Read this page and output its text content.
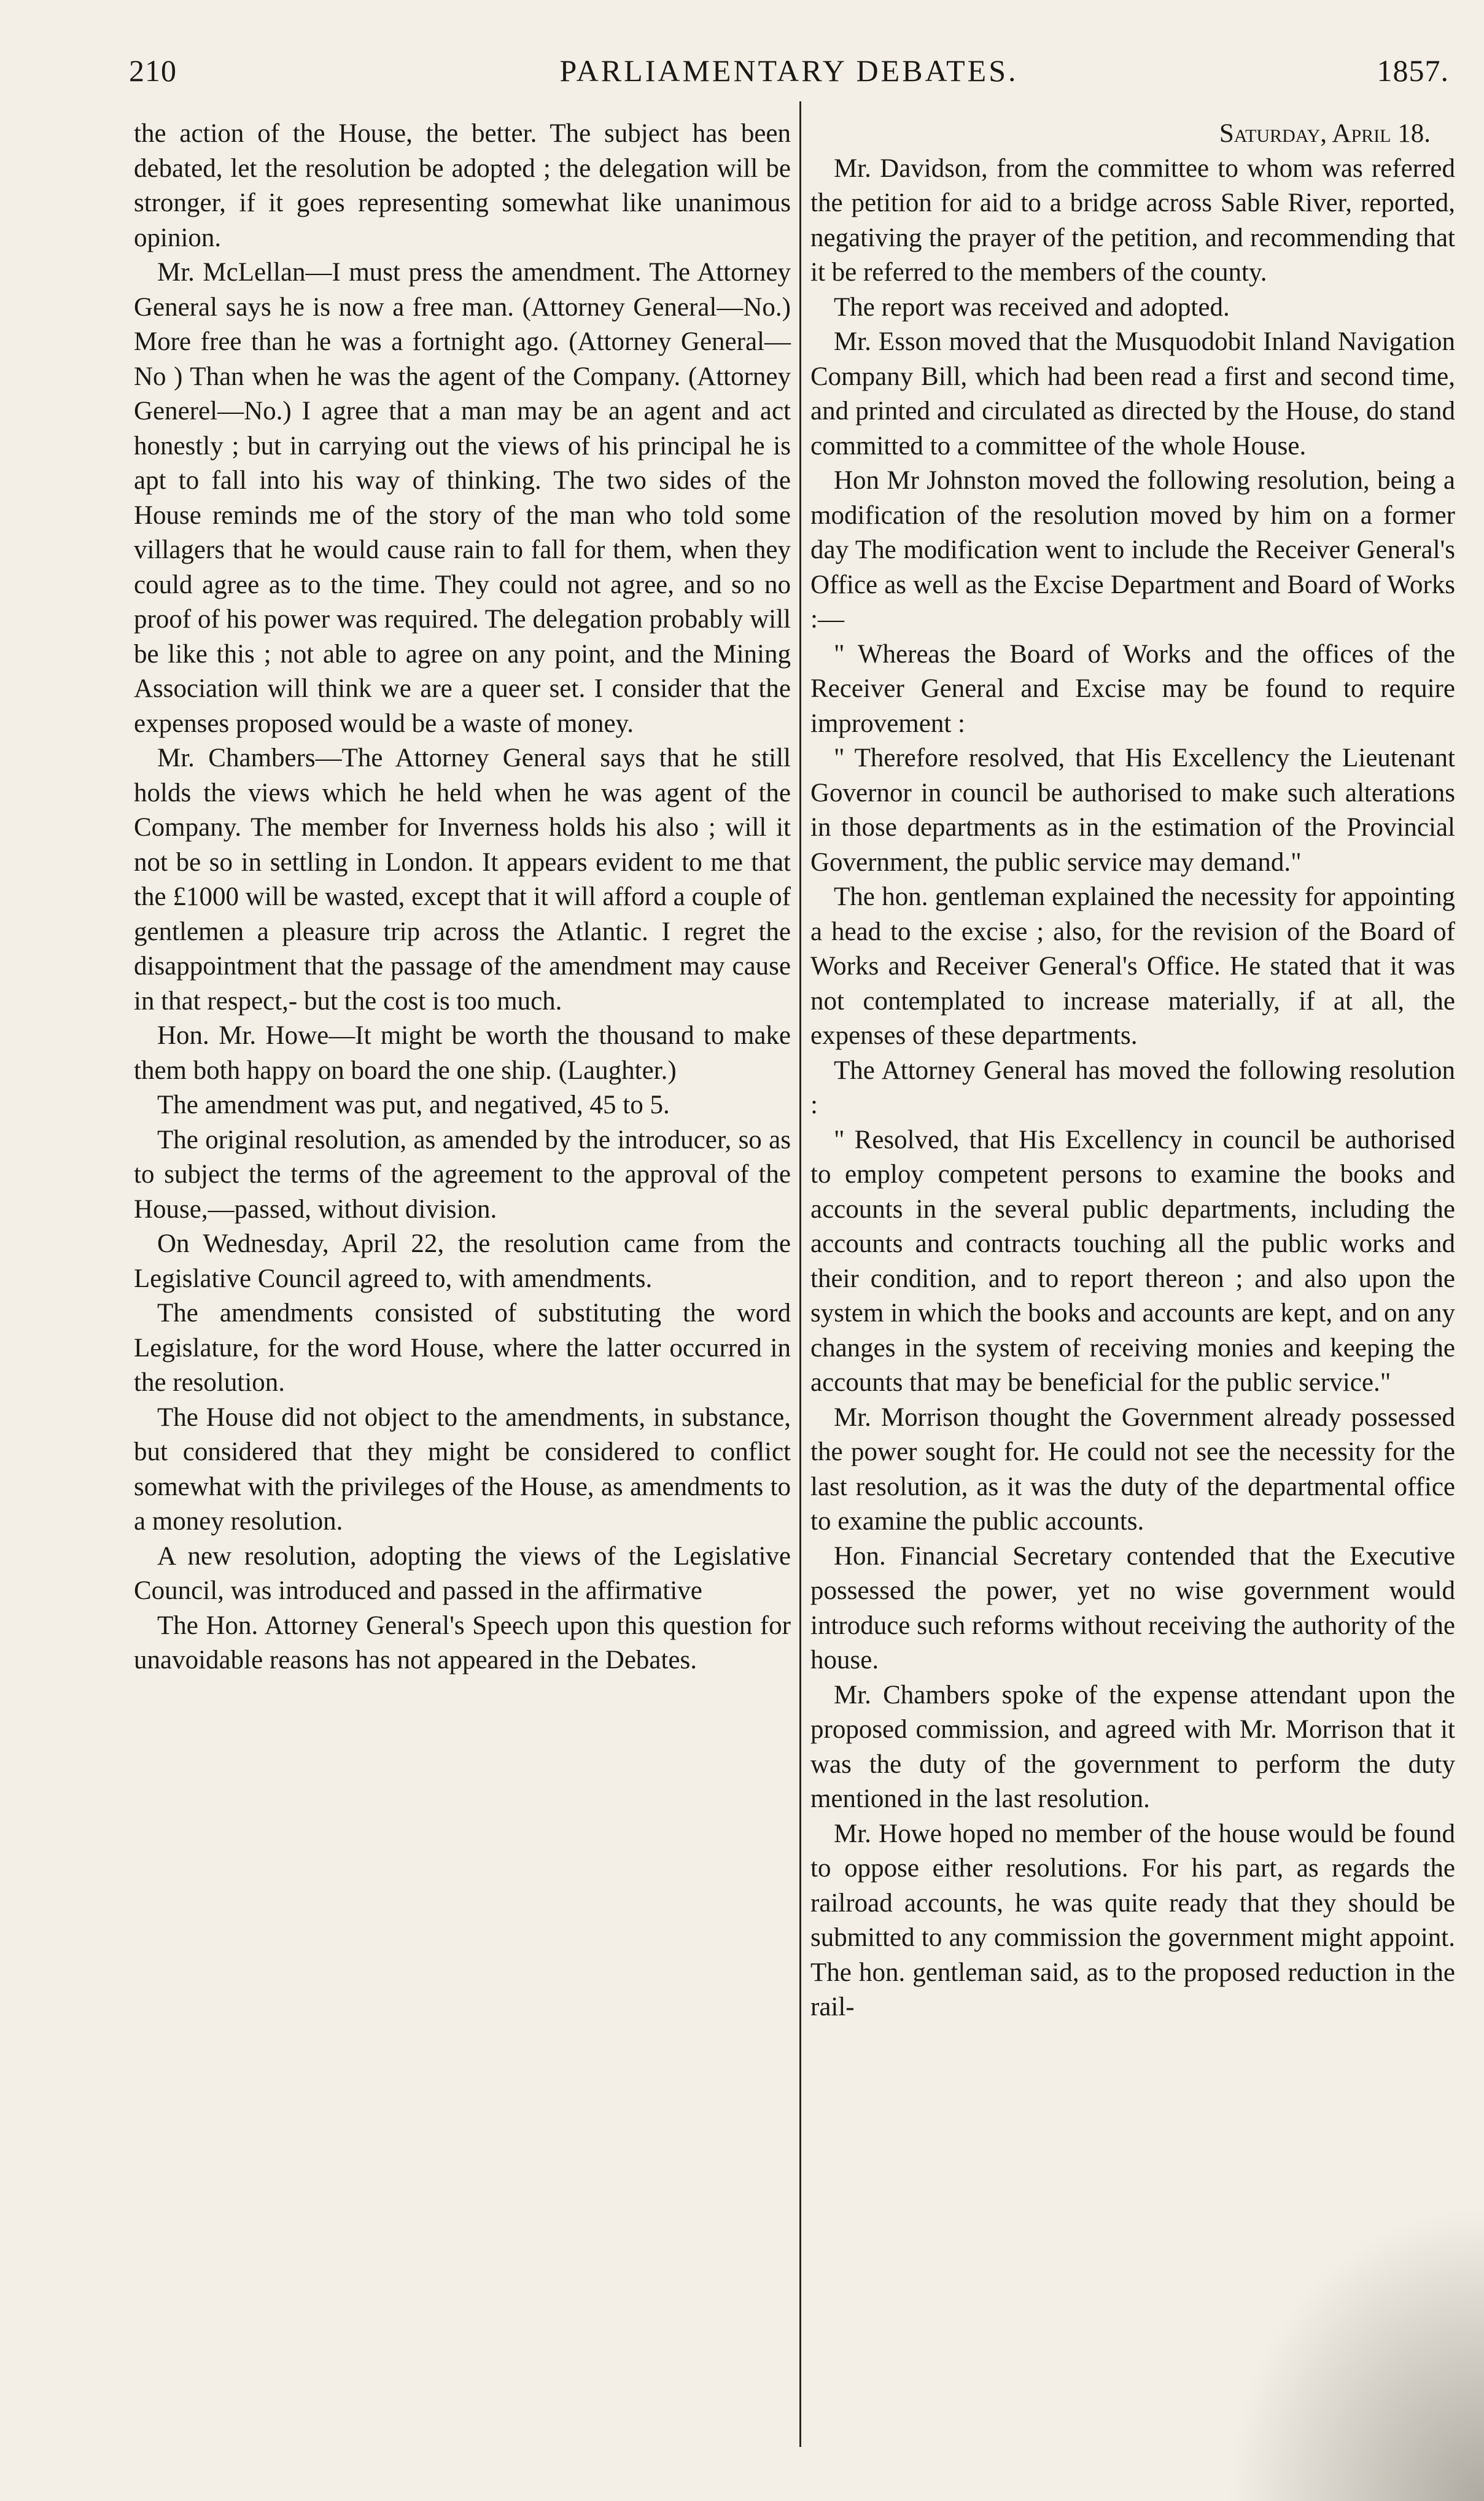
210	PARLIAMENTARY DEBATES.	1857.

the action of the House, the better. The subject has been debated, let the resolution be adopted ; the delegation will be stronger, if it goes representing somewhat like unanimous opinion.

Mr. McLellan—I must press the amendment. The Attorney General says he is now a free man. (Attorney General—No.) More free than he was a fortnight ago. (Attorney General—No ) Than when he was the agent of the Company. (Attorney Generel—No.) I agree that a man may be an agent and act honestly ; but in carrying out the views of his principal he is apt to fall into his way of thinking. The two sides of the House reminds me of the story of the man who told some villagers that he would cause rain to fall for them, when they could agree as to the time. They could not agree, and so no proof of his power was required. The delegation probably will be like this ; not able to agree on any point, and the Mining Association will think we are a queer set. I consider that the expenses proposed would be a waste of money.

Mr. Chambers—The Attorney General says that he still holds the views which he held when he was agent of the Company. The member for Inverness holds his also ; will it not be so in settling in London. It appears evident to me that the £1000 will be wasted, except that it will afford a couple of gentlemen a pleasure trip across the Atlantic. I regret the disappointment that the passage of the amendment may cause in that respect,- but the cost is too much.

Hon. Mr. Howe—It might be worth the thousand to make them both happy on board the one ship. (Laughter.)

The amendment was put, and negatived, 45 to 5.

The original resolution, as amended by the introducer, so as to subject the terms of the agreement to the approval of the House,—passed, without division.

On Wednesday, April 22, the resolution came from the Legislative Council agreed to, with amendments.

The amendments consisted of substituting the word Legislature, for the word House, where the latter occurred in the resolution.

The House did not object to the amendments, in substance, but considered that they might be considered to conflict somewhat with the privileges of the House, as amendments to a money resolution.

A new resolution, adopting the views of the Legislative Council, was introduced and passed in the affirmative

The Hon. Attorney General's Speech upon this question for unavoidable reasons has not appeared in the Debates.

Saturday, April 18.

Mr. Davidson, from the committee to whom was referred the petition for aid to a bridge across Sable River, reported, negativing the prayer of the petition, and recommending that it be referred to the members of the county.

The report was received and adopted.

Mr. Esson moved that the Musquodobit Inland Navigation Company Bill, which had been read a first and second time, and printed and circulated as directed by the House, do stand committed to a committee of the whole House.

Hon Mr Johnston moved the following resolution, being a modification of the resolution moved by him on a former day The modification went to include the Receiver General's Office as well as the Excise Department and Board of Works :—

" Whereas the Board of Works and the offices of the Receiver General and Excise may be found to require improvement :

" Therefore resolved, that His Excellency the Lieutenant Governor in council be authorised to make such alterations in those departments as in the estimation of the Provincial Government, the public service may demand."

The hon. gentleman explained the necessity for appointing a head to the excise ; also, for the revision of the Board of Works and Receiver General's Office. He stated that it was not contemplated to increase materially, if at all, the expenses of these departments.

The Attorney General has moved the following resolution :

" Resolved, that His Excellency in council be authorised to employ competent persons to examine the books and accounts in the several public departments, including the accounts and contracts touching all the public works and their condition, and to report thereon ; and also upon the system in which the books and accounts are kept, and on any changes in the system of receiving monies and keeping the accounts that may be beneficial for the public service."

Mr. Morrison thought the Government already possessed the power sought for. He could not see the necessity for the last resolution, as it was the duty of the departmental office to examine the public accounts.

Hon. Financial Secretary contended that the Executive possessed the power, yet no wise government would introduce such reforms without receiving the authority of the house.

Mr. Chambers spoke of the expense attendant upon the proposed commission, and agreed with Mr. Morrison that it was the duty of the government to perform the duty mentioned in the last resolution.

Mr. Howe hoped no member of the house would be found to oppose either resolutions. For his part, as regards the railroad accounts, he was quite ready that they should be submitted to any commission the government might appoint. The hon. gentleman said, as to the proposed reduction in the rail-
